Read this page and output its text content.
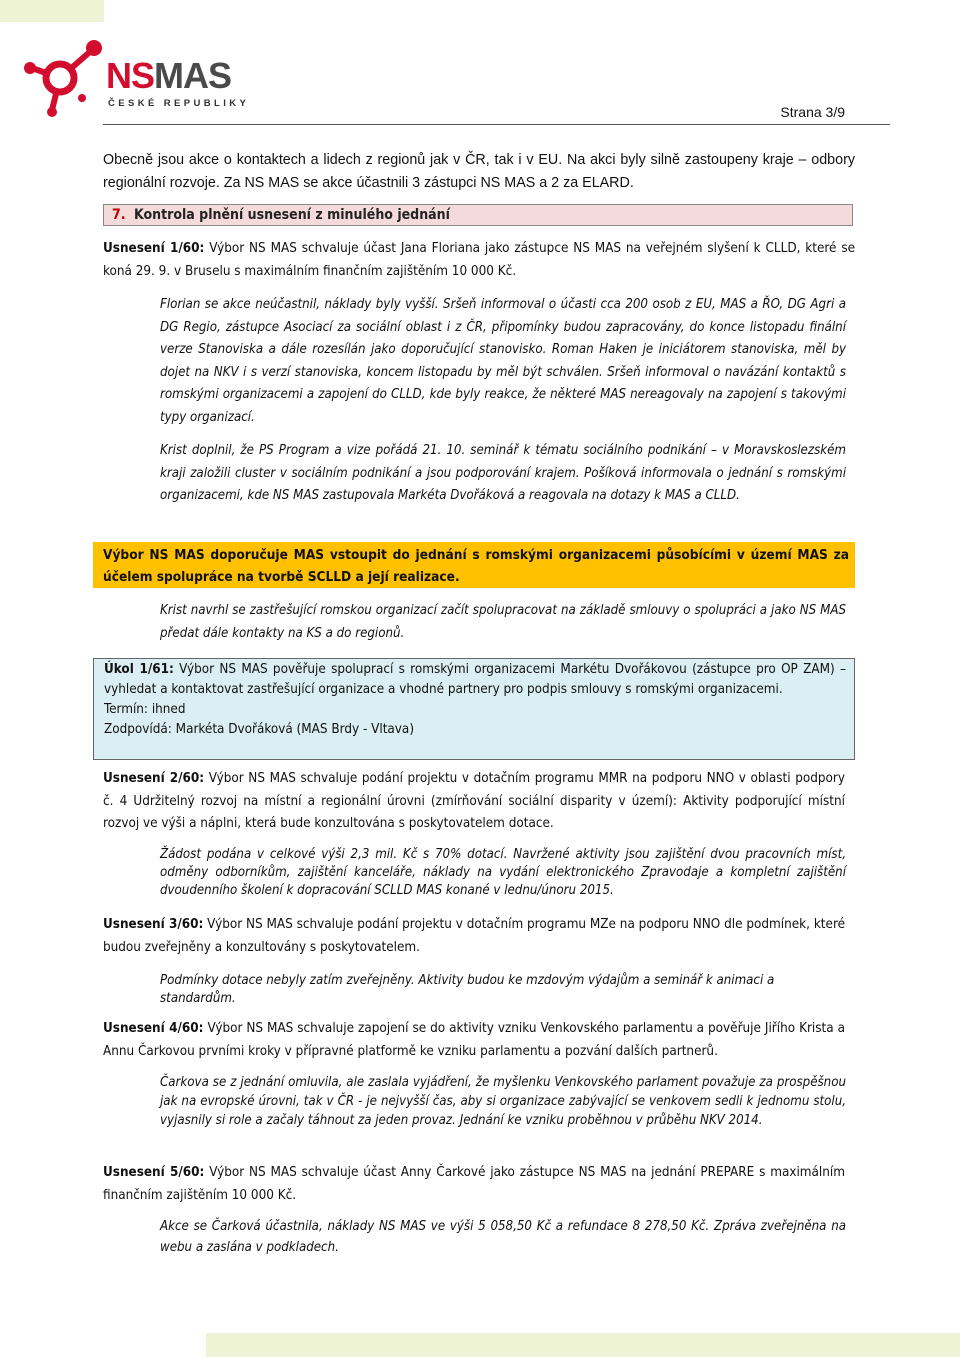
NSMAS
ČESKÉ REPUBLIKY
Strana 3/9
Obecně jsou akce o kontaktech a lidech z regionů jak v ČR, tak i v EU. Na akci byly silně zastoupeny kraje – odbory regionální rozvoje. Za NS MAS se akce účastnili 3 zástupci NS MAS a 2 za ELARD.
7. Kontrola plnění usnesení z minulého jednání
Usnesení 1/60: Výbor NS MAS schvaluje účast Jana Floriana jako zástupce NS MAS na veřejném slyšení k CLLD, které se koná 29. 9. v Bruselu s maximálním finančním zajištěním 10 000 Kč.
Florian se akce neúčastnil, náklady byly vyšší. Sršeň informoval o účasti cca 200 osob z EU, MAS a ŘO, DG Agri a DG Regio, zástupce Asociací za sociální oblast i z ČR, připomínky budou zapracovány, do konce listopadu finální verze Stanoviska a dále rozesílán jako doporučující stanovisko. Roman Haken je iniciátorem stanoviska, měl by dojet na NKV i s verzí stanoviska, koncem listopadu by měl být schválen. Sršeň informoval o navázání kontaktů s romskými organizacemi a zapojení do CLLD, kde byly reakce, že některé MAS nereagovaly na zapojení s takovými typy organizací.
Krist doplnil, že PS Program a vize pořádá 21. 10. seminář k tématu sociálního podnikání – v Moravskoslezském kraji založili cluster v sociálním podnikání a jsou podporování krajem. Pošíková informovala o jednání s romskými organizacemi, kde NS MAS zastupovala Markéta Dvořáková a reagovala na dotazy k MAS a CLLD.
Výbor NS MAS doporučuje MAS vstoupit do jednání s romskými organizacemi působícími v území MAS za účelem spolupráce na tvorbě SCLLD a její realizace.
Krist navrhl se zastřešující romskou organizací začít spolupracovat na základě smlouvy o spolupráci a jako NS MAS předat dále kontakty na KS a do regionů.
Úkol 1/61: Výbor NS MAS pověřuje spoluprací s romskými organizacemi Markétu Dvořákovou (zástupce pro OP ZAM) – vyhledat a kontaktovat zastřešující organizace a vhodné partnery pro podpis smlouvy s romskými organizacemi.
Termín: ihned
Zodpovídá: Markéta Dvořáková (MAS Brdy - Vltava)
Usnesení 2/60: Výbor NS MAS schvaluje podání projektu v dotačním programu MMR na podporu NNO v oblasti podpory č. 4 Udržitelný rozvoj na místní a regionální úrovni (zmírňování sociální disparity v území): Aktivity podporující místní rozvoj ve výši a náplni, která bude konzultována s poskytovatelem dotace.
Žádost podána v celkové výši 2,3 mil. Kč s 70% dotací. Navržené aktivity jsou zajištění dvou pracovních míst, odměny odborníkům, zajištění kanceláře, náklady na vydání elektronického Zpravodaje a kompletní zajištění dvoudenního školení k dopracování SCLLD MAS konané v lednu/únoru 2015.
Usnesení 3/60: Výbor NS MAS schvaluje podání projektu v dotačním programu MZe na podporu NNO dle podmínek, které budou zveřejněny a konzultovány s poskytovatelem.
Podmínky dotace nebyly zatím zveřejněny. Aktivity budou ke mzdovým výdajům a seminář k animaci a standardům.
Usnesení 4/60: Výbor NS MAS schvaluje zapojení se do aktivity vzniku Venkovského parlamentu a pověřuje Jiřího Krista a Annu Čarkovou prvními kroky v přípravné platformě ke vzniku parlamentu a pozvání dalších partnerů.
Čarkova se z jednání omluvila, ale zaslala vyjádření, že myšlenku Venkovského parlament považuje za prospěšnou jak na evropské úrovni, tak v ČR - je nejvyšší čas, aby si organizace zabývající se venkovem sedli k jednomu stolu, vyjasnily si role a začaly táhnout za jeden provaz. Jednání ke vzniku proběhnou v průběhu NKV 2014.
Usnesení 5/60: Výbor NS MAS schvaluje účast Anny Čarkové jako zástupce NS MAS na jednání PREPARE s maximálním finančním zajištěním 10 000 Kč.
Akce se Čarková účastnila, náklady NS MAS ve výši 5 058,50 Kč a refundace 8 278,50 Kč. Zpráva zveřejněna na webu a zaslána v podkladech.
